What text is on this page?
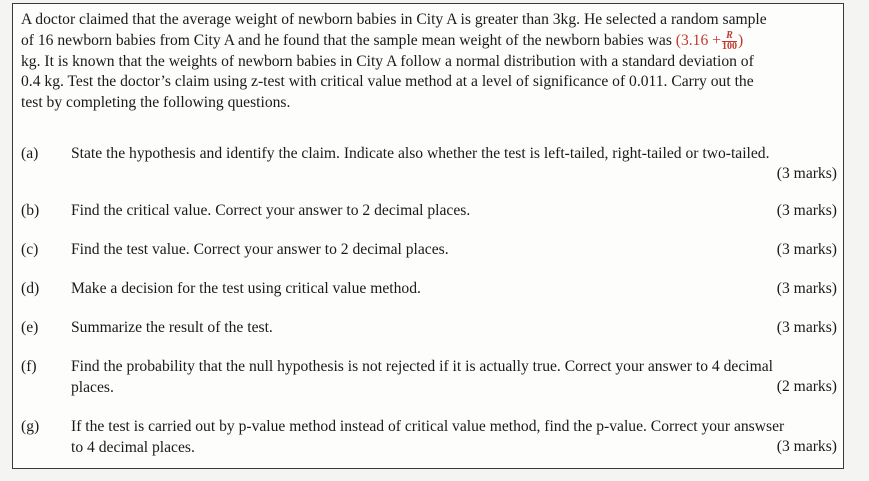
A doctor claimed that the average weight of newborn babies in City A is greater than 3kg. He selected a random sample
of 16 newborn babies from City A and he found that the sample mean weight of the newborn babies was ($3.16 + \frac{R}{100}$ )
kg. It is known that the weights of newborn babies in City A follow a normal distribution with a standard deviation of
0.4 kg. Test the doctor’s claim using z-test with critical value method at a level of significance of 0.011. Carry out the
test by completing the following questions.
(a) State the hypothesis and identify the claim. Indicate also whether the test is left-tailed, right-tailed or two-tailed.
(3 marks)
(b) Find the critical value. Correct your answer to 2 decimal places.	(3 marks)
(c) Find the test value. Correct your answer to 2 decimal places.	(3 marks)
(d) Make a decision for the test using critical value method.	(3 marks)
(e) Summarize the result of the test.	(3 marks)
(f) Find the probability that the null hypothesis is not rejected if it is actually true. Correct your answer to 4 decimal
places.	(2 marks)
(g) If the test is carried out by p-value method instead of critical value method, find the p-value. Correct your answser
to 4 decimal places.	(3 marks)
